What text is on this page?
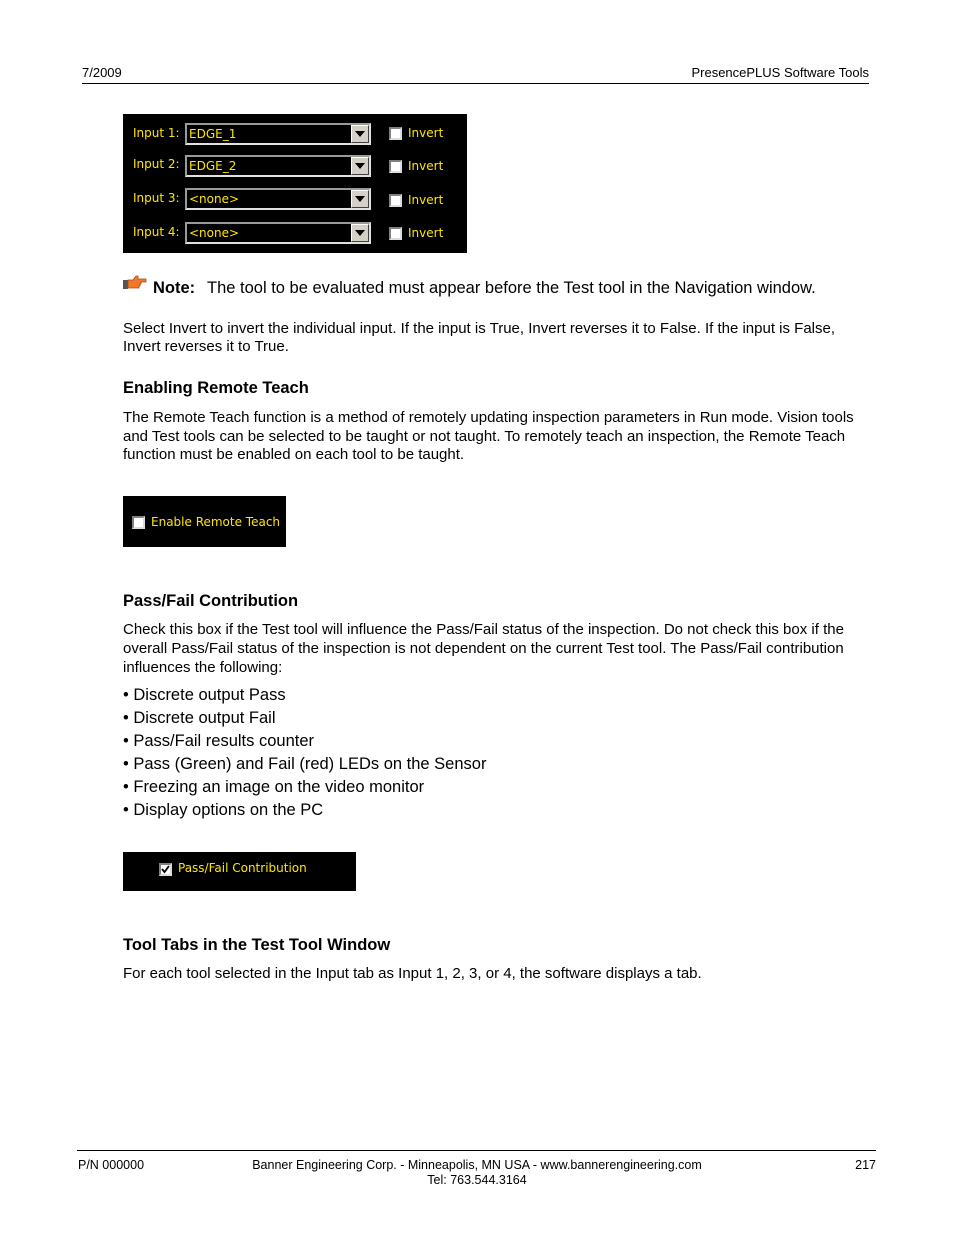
7/2009	PresencePLUS Software Tools
Input 1: EDGE_1	Invert
Input 2: EDGE_2	Invert
Input 3: <none>	Invert
Input 4: <none>	Invert
Note: The tool to be evaluated must appear before the Test tool in the Navigation window.
Select Invert to invert the individual input. If the input is True, Invert reverses it to False. If the input is False,
Invert reverses it to True.
Enabling Remote Teach
The Remote Teach function is a method of remotely updating inspection parameters in Run mode. Vision tools
and Test tools can be selected to be taught or not taught. To remotely teach an inspection, the Remote Teach
function must be enabled on each tool to be taught.
Enable Remote Teach
Pass/Fail Contribution
Check this box if the Test tool will influence the Pass/Fail status of the inspection. Do not check this box if the
overall Pass/Fail status of the inspection is not dependent on the current Test tool. The Pass/Fail contribution
influences the following:
• Discrete output Pass
• Discrete output Fail
• Pass/Fail results counter
• Pass (Green) and Fail (red) LEDs on the Sensor
• Freezing an image on the video monitor
• Display options on the PC
Pass/Fail Contribution
Tool Tabs in the Test Tool Window
For each tool selected in the Input tab as Input 1, 2, 3, or 4, the software displays a tab.
P/N 000000	Banner Engineering Corp. - Minneapolis, MN USA - www.bannerengineering.com
Tel: 763.544.3164
217
